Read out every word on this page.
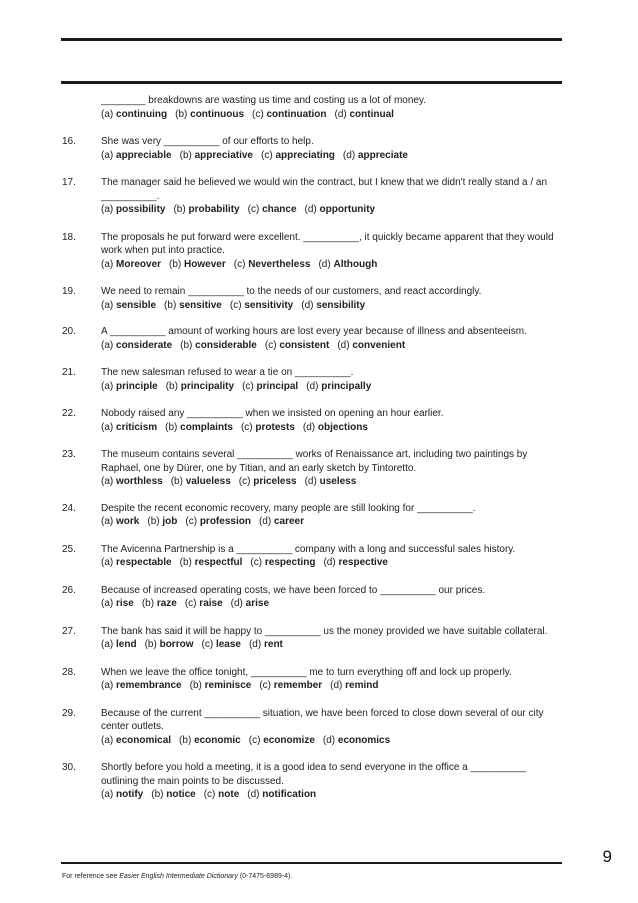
________ breakdowns are wasting us time and costing us a lot of money.
(a) continuing (b) continuous (c) continuation (d) continual
16.	She was very __________ of our efforts to help.
(a) appreciable (b) appreciative (c) appreciating (d) appreciate
17.	The manager said he believed we would win the contract, but I knew that we didn't really stand a / an __________.
(a) possibility (b) probability (c) chance (d) opportunity
18.	The proposals he put forward were excellent. __________, it quickly became apparent that they would work when put into practice.
(a) Moreover (b) However (c) Nevertheless (d) Although
19.	We need to remain __________ to the needs of our customers, and react accordingly.
(a) sensible (b) sensitive (c) sensitivity (d) sensibility
20.	A __________ amount of working hours are lost every year because of illness and absenteeism.
(a) considerate (b) considerable (c) consistent (d) convenient
21.	The new salesman refused to wear a tie on __________.
(a) principle (b) principality (c) principal (d) principally
22.	Nobody raised any __________ when we insisted on opening an hour earlier.
(a) criticism (b) complaints (c) protests (d) objections
23.	The museum contains several __________ works of Renaissance art, including two paintings by Raphael, one by Dürer, one by Titian, and an early sketch by Tintoretto.
(a) worthless (b) valueless (c) priceless (d) useless
24.	Despite the recent economic recovery, many people are still looking for __________.
(a) work (b) job (c) profession (d) career
25.	The Avicenna Partnership is a __________ company with a long and successful sales history.
(a) respectable (b) respectful (c) respecting (d) respective
26.	Because of increased operating costs, we have been forced to __________ our prices.
(a) rise (b) raze (c) raise (d) arise
27.	The bank has said it will be happy to __________ us the money provided we have suitable collateral.
(a) lend (b) borrow (c) lease (d) rent
28.	When we leave the office tonight, __________ me to turn everything off and lock up properly.
(a) remembrance (b) reminisce (c) remember (d) remind
29.	Because of the current __________ situation, we have been forced to close down several of our city center outlets.
(a) economical (b) economic (c) economize (d) economics
30.	Shortly before you hold a meeting, it is a good idea to send everyone in the office a __________ outlining the main points to be discussed.
(a) notify (b) notice (c) note (d) notification
9
For reference see Easier English Intermediate Dictionary (0-7475-6989-4).
